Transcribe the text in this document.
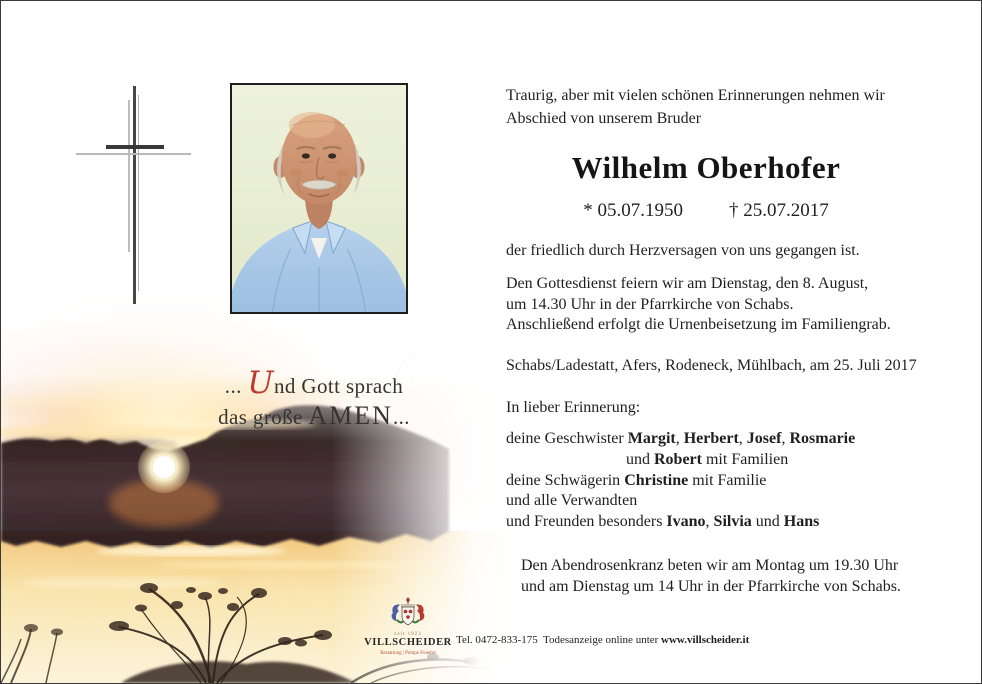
Traurig, aber mit vielen schönen Erinnerungen nehmen wir
Abschied von unserem Bruder
Wilhelm Oberhofer
* 05.07.1950 † 25.07.2017
der friedlich durch Herzversagen von uns gegangen ist.
Den Gottesdienst feiern wir am Dienstag, den 8. August,
um 14.30 Uhr in der Pfarrkirche von Schabs.
Anschließend erfolgt die Urnenbeisetzung im Familiengrab.
Schabs/Ladestatt, Afers, Rodeneck, Mühlbach, am 25. Juli 2017
In lieber Erinnerung:
deine Geschwister Margit, Herbert, Josef, Rosmarie
und Robert mit Familien
deine Schwägerin Christine mit Familie
und alle Verwandten
und Freunden besonders Ivano, Silvia und Hans
Den Abendrosenkranz beten wir am Montag um 19.30 Uhr
und am Dienstag um 14 Uhr in der Pfarrkirche von Schabs.
... Und Gott sprach
das große AMEN...
seit 1923
VILLSCHEIDER
Bestattung | Pompe Funebri
Tel. 0472-833-175 Todesanzeige online unter www.villscheider.it
